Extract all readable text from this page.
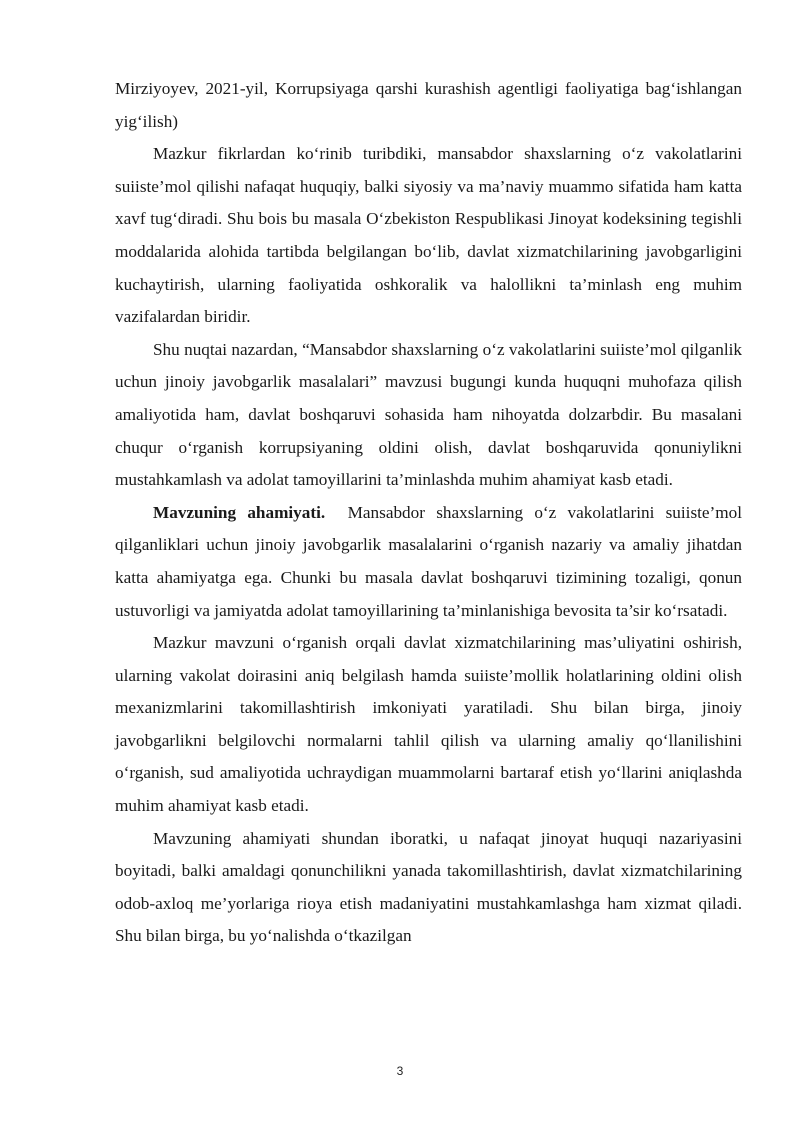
Mirziyoyev, 2021-yil, Korrupsiyaga qarshi kurashish agentligi faoliyatiga bag‘ishlangan yig‘ilish)

Mazkur fikrlardan ko‘rinib turibdiki, mansabdor shaxslarning o‘z vakolatlarini suiiste’mol qilishi nafaqat huquqiy, balki siyosiy va ma’naviy muammo sifatida ham katta xavf tug‘diradi. Shu bois bu masala O‘zbekiston Respublikasi Jinoyat kodeksining tegishli moddalarida alohida tartibda belgilangan bo‘lib, davlat xizmatchilarining javobgarligini kuchaytirish, ularning faoliyatida oshkoralik va halollikni ta’minlash eng muhim vazifalardan biridir.

Shu nuqtai nazardan, “Mansabdor shaxslarning o‘z vakolatlarini suiiste’mol qilganlik uchun jinoiy javobgarlik masalalari” mavzusi bugungi kunda huquqni muhofaza qilish amaliyotida ham, davlat boshqaruvi sohasida ham nihoyatda dolzarbdir. Bu masalani chuqur o‘rganish korrupsiyaning oldini olish, davlat boshqaruvida qonuniylikni mustahkamlash va adolat tamoyillarini ta’minlashda muhim ahamiyat kasb etadi.

Mavzuning ahamiyati.  Mansabdor shaxslarning o‘z vakolatlarini suiiste’mol qilganliklari uchun jinoiy javobgarlik masalalarini o‘rganish nazariy va amaliy jihatdan katta ahamiyatga ega. Chunki bu masala davlat boshqaruvi tizimining tozaligi, qonun ustuvorligi va jamiyatda adolat tamoyillarining ta’minlanishiga bevosita ta’sir ko‘rsatadi.

Mazkur mavzuni o‘rganish orqali davlat xizmatchilarining mas’uliyatini oshirish, ularning vakolat doirasini aniq belgilash hamda suiiste’mollik holatlarining oldini olish mexanizmlarini takomillashtirish imkoniyati yaratiladi. Shu bilan birga, jinoiy javobgarlikni belgilovchi normalarni tahlil qilish va ularning amaliy qo‘llanilishini o‘rganish, sud amaliyotida uchraydigan muammolarni bartaraf etish yo‘llarini aniqlashda muhim ahamiyat kasb etadi.

Mavzuning ahamiyati shundan iboratki, u nafaqat jinoyat huquqi nazariyasini boyitadi, balki amaldagi qonunchilikni yanada takomillashtirish, davlat xizmatchilarining odob-axloq me’yorlariga rioya etish madaniyatini mustahkamlashga ham xizmat qiladi. Shu bilan birga, bu yo‘nalishda o‘tkazilgan

3
